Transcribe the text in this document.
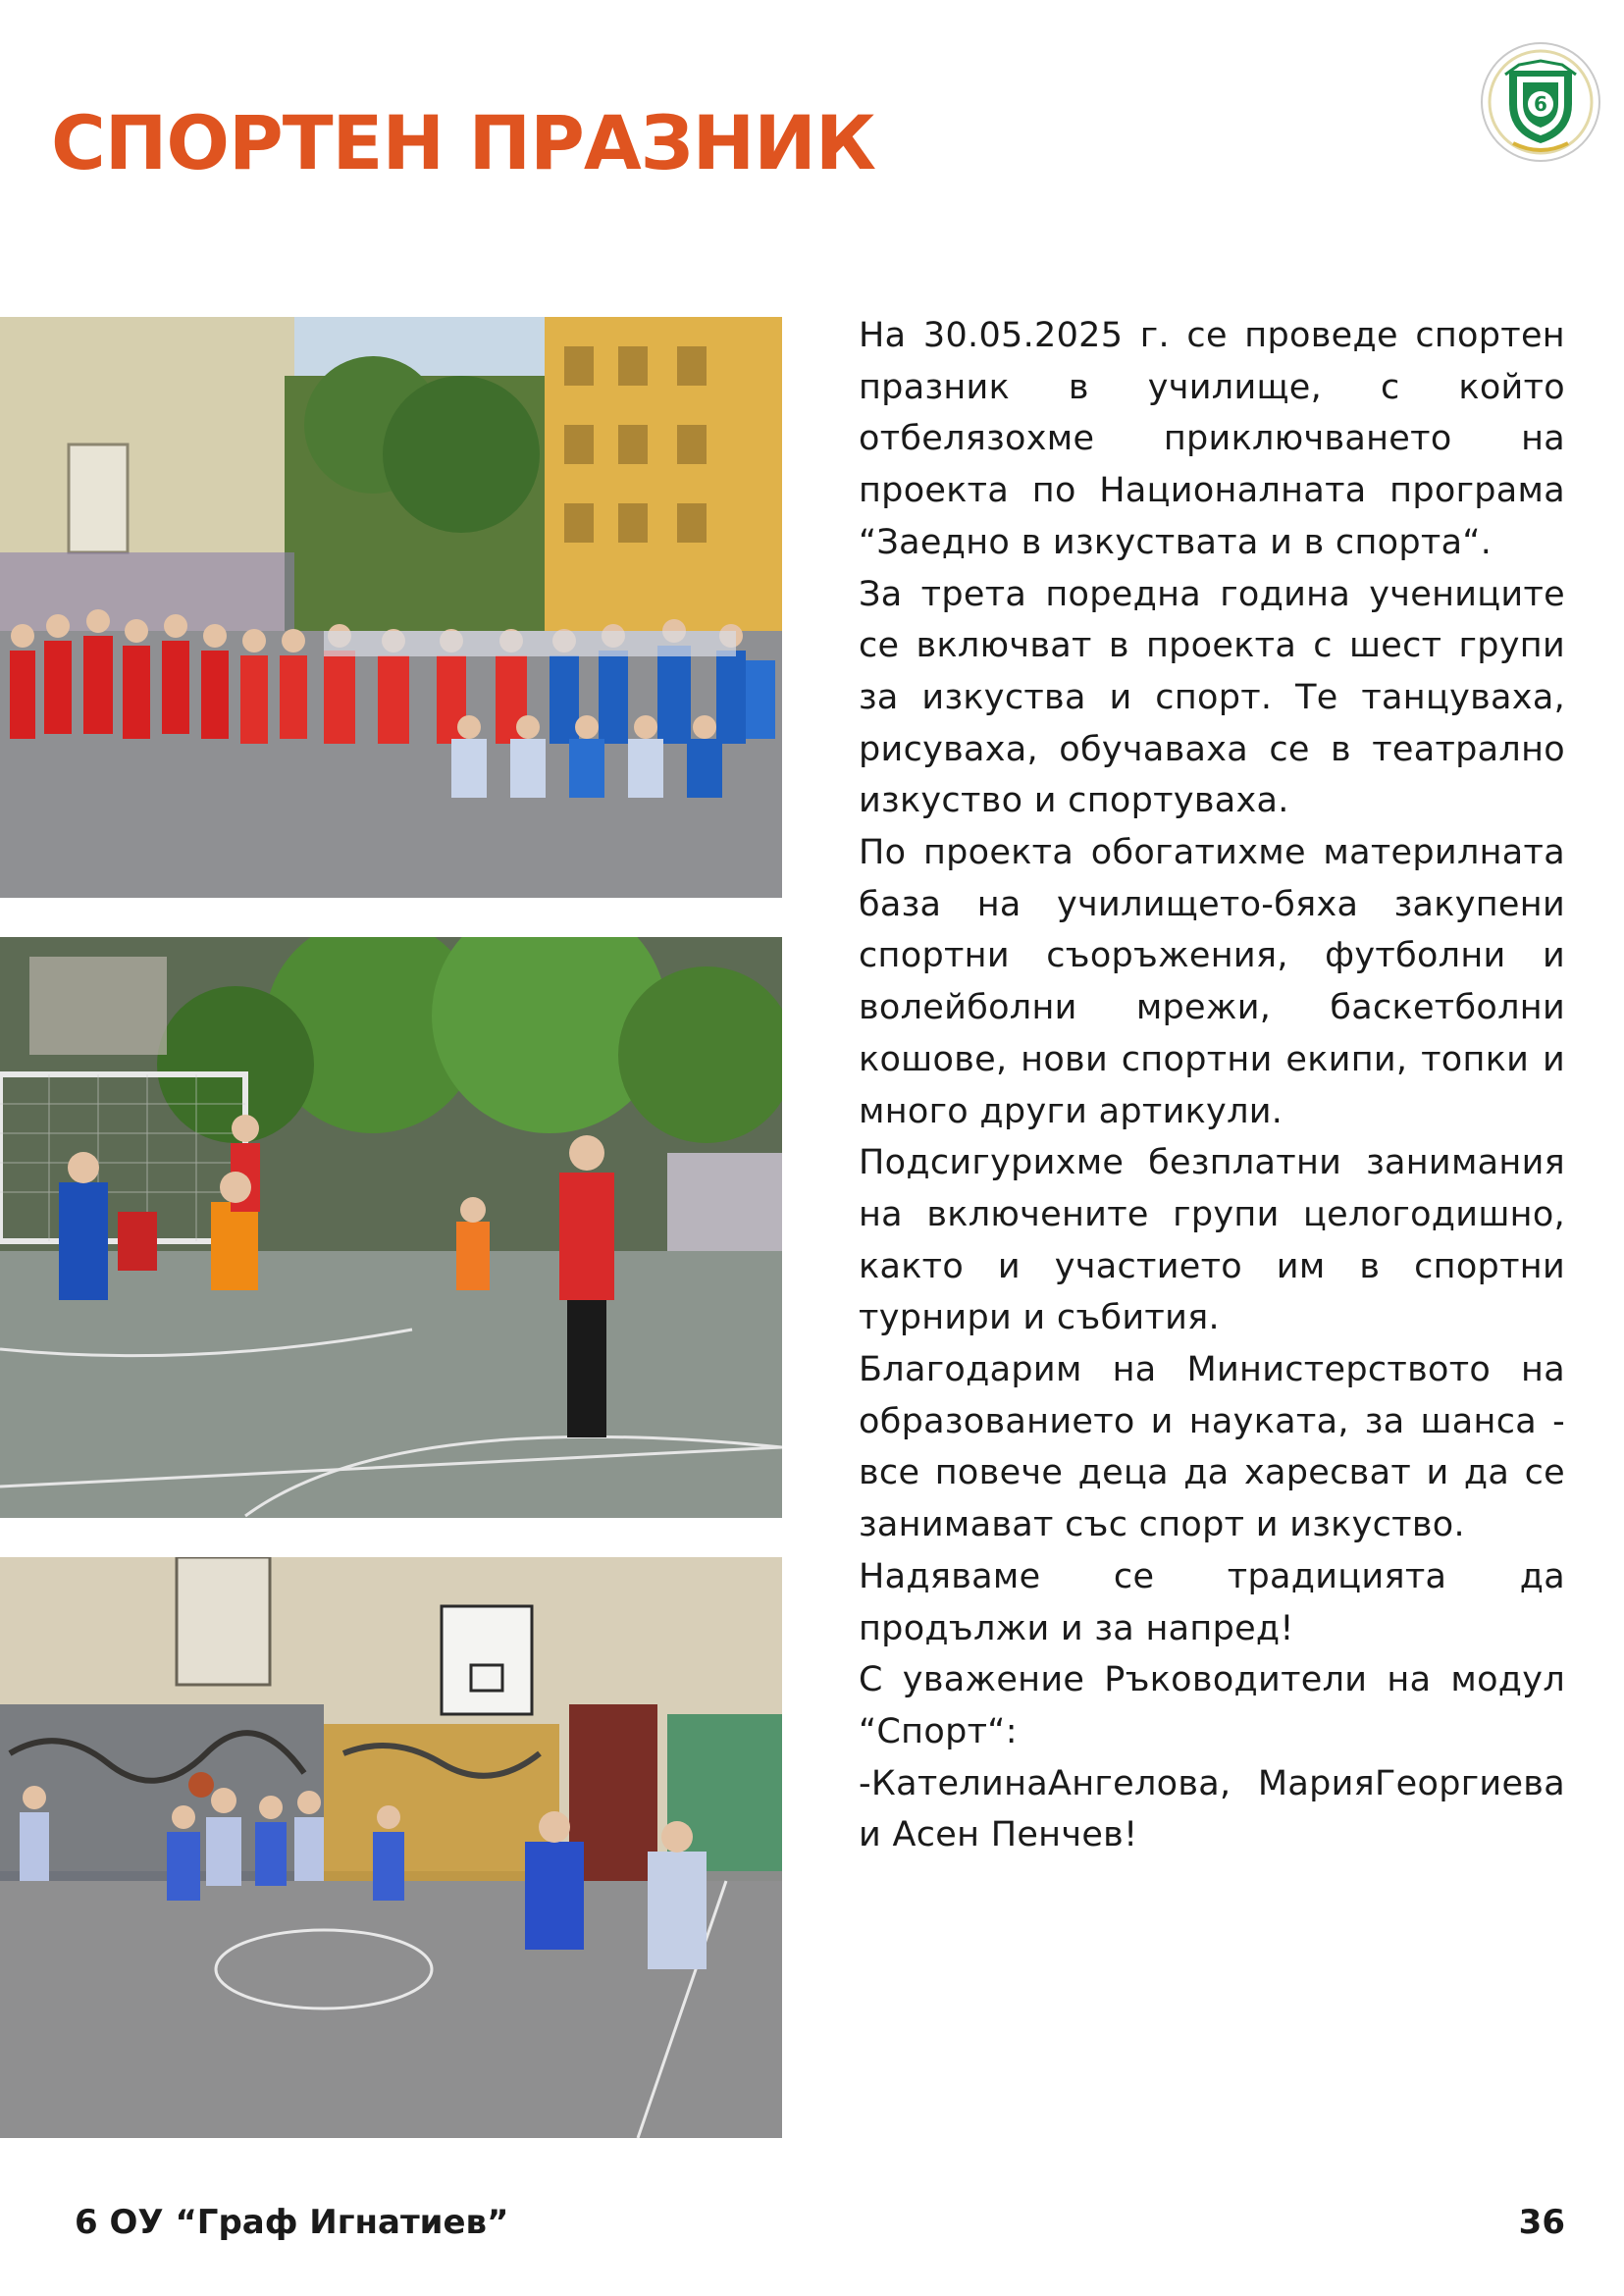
СПОРТЕН ПРАЗНИК	6

На 30.05.2025 г. се проведе спортен празник в училище, с който отбелязохме приключването на проекта по Националната програма “Заедно в изкуствата и в спорта“.

За трета поредна година учениците се включват в проекта с шест групи за изкуства и спорт. Те танцуваха, рисуваха, обучаваха се в театрално изкуство и спортуваха.

По проекта обогатихме материлната база на училището-бяха закупени спортни съоръжения, футболни и волейболни мрежи, баскетболни кошове, нови спортни екипи, топки и много други артикули.

Подсигурихме безплатни занимания на включените групи целогодишно, както и участието им в спортни турнири и събития.

Благодарим на Министерството на образованието и науката, за шанса - все повече деца да харесват и да се занимават със спорт и изкуство.

Надяваме се традицията да продължи и за напред!

С уважение Ръководители на модул “Спорт“:

-КателинаАнгелова, МарияГеоргиева и Асен Пенчев!

6 ОУ “Граф Игнатиев”	36
